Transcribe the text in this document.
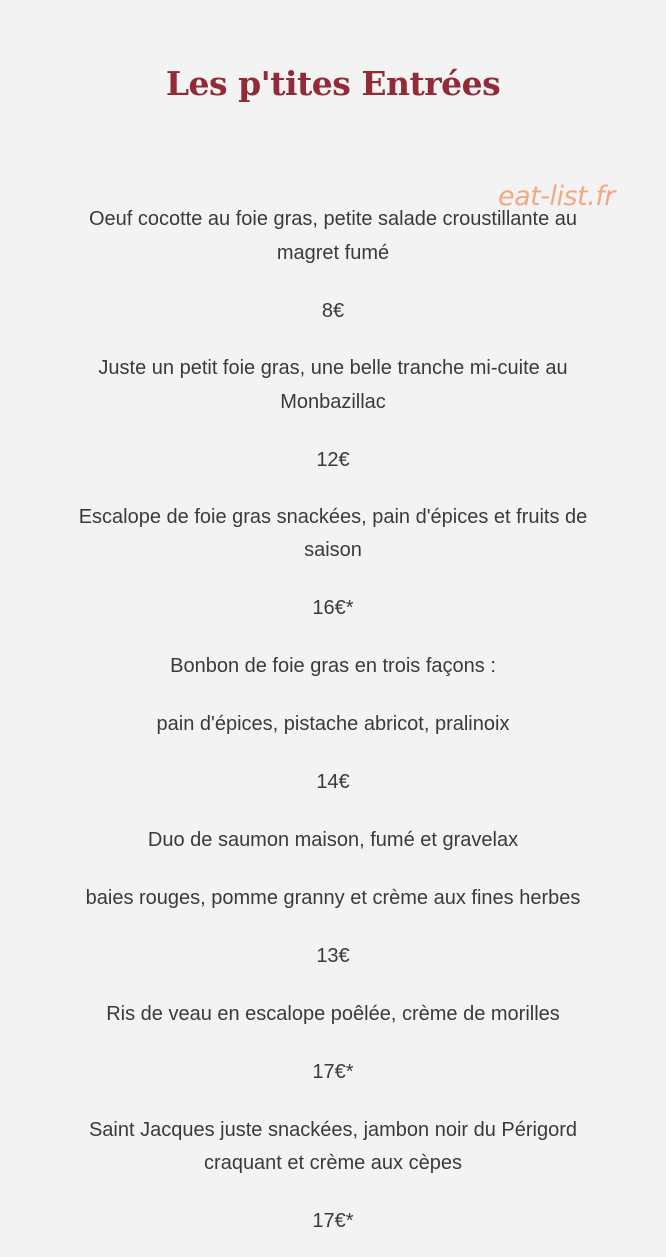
Les p'tites Entrées
eat-list.fr

Oeuf cocotte au foie gras, petite salade croustillante au

magret fumé

8€

Juste un petit foie gras, une belle tranche mi-cuite au

Monbazillac

12€

Escalope de foie gras snackées, pain d'épices et fruits de

saison

16€*

Bonbon de foie gras en trois façons :

pain d'épices, pistache abricot, pralinoix

14€

Duo de saumon maison, fumé et gravelax

baies rouges, pomme granny et crème aux fines herbes

13€

Ris de veau en escalope poêlée, crème de morilles

17€*

Saint Jacques juste snackées, jambon noir du Périgord

craquant et crème aux cèpes

17€*
